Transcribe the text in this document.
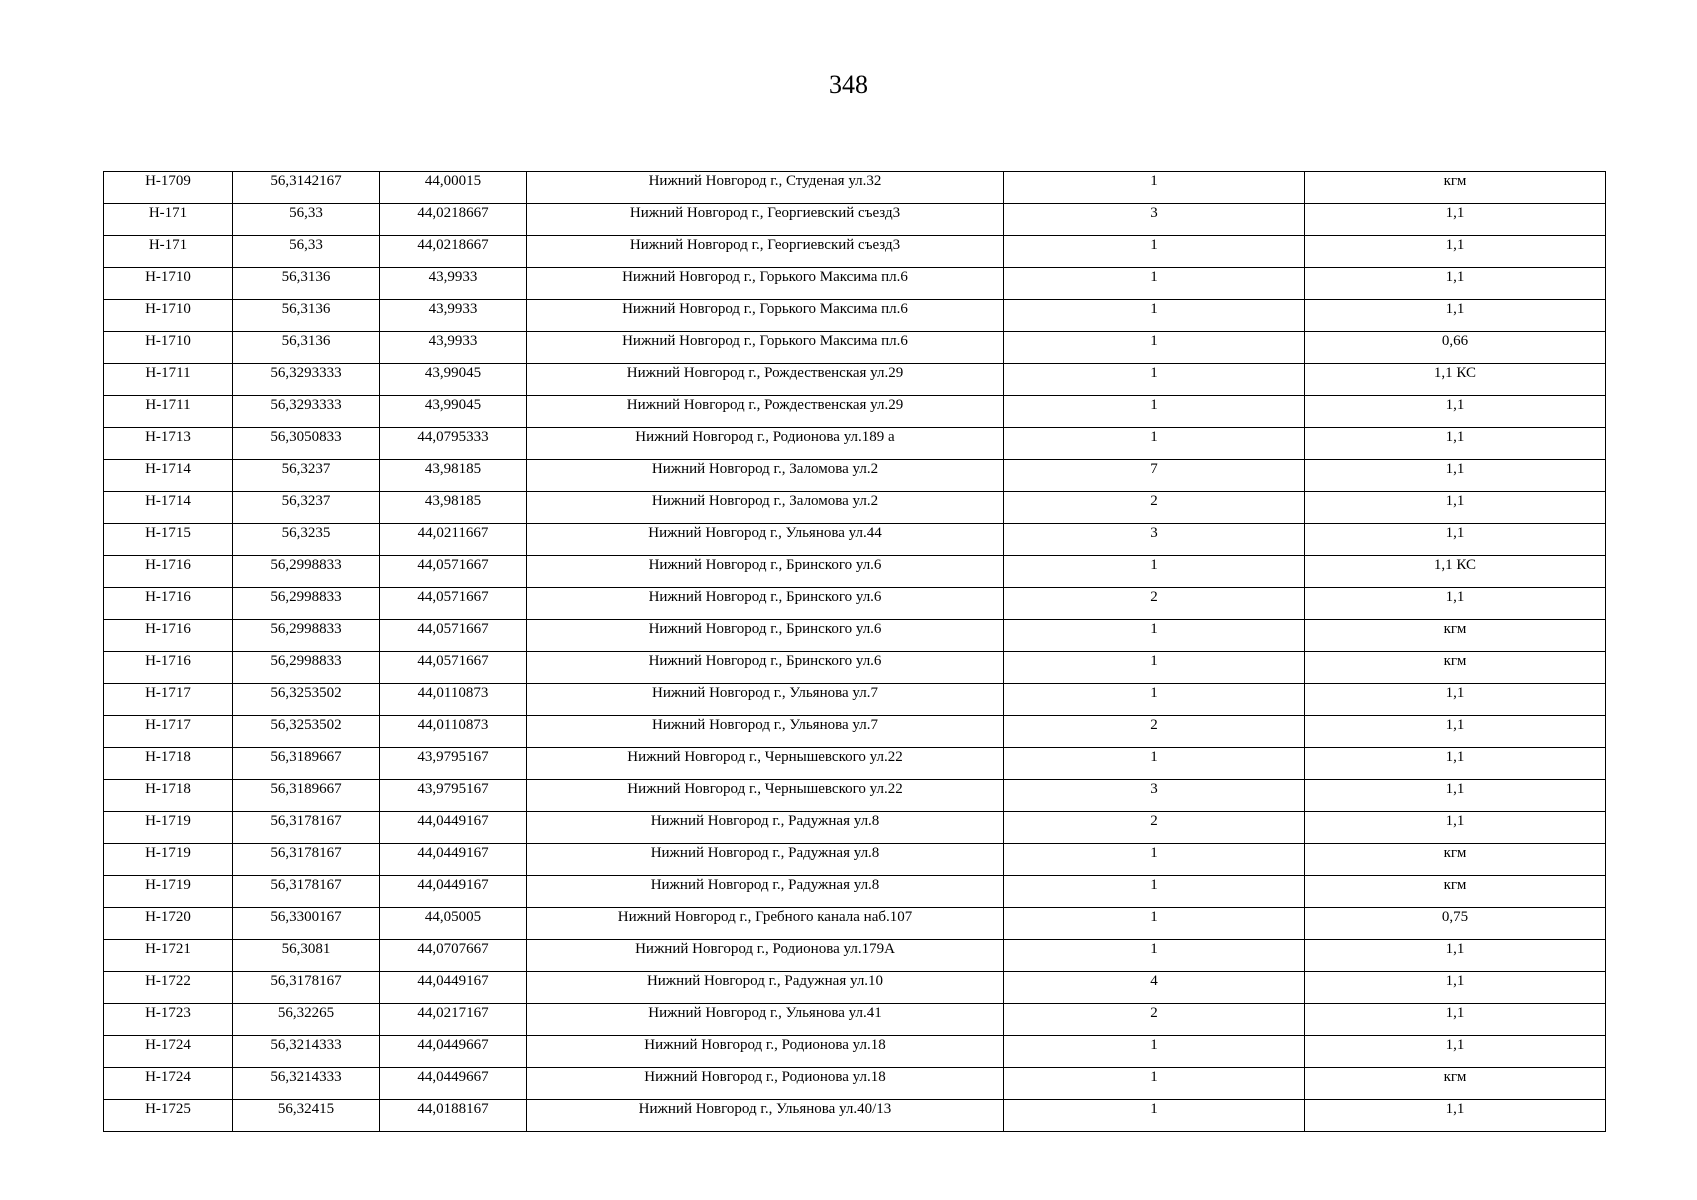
348
Н-1709	56,3142167	44,00015	Нижний Новгород г., Студеная ул.32	1	кгм
Н-171	56,33	44,0218667	Нижний Новгород г., Георгиевский съезд3	3	1,1
Н-171	56,33	44,0218667	Нижний Новгород г., Георгиевский съезд3	1	1,1
Н-1710	56,3136	43,9933	Нижний Новгород г., Горького Максима пл.6	1	1,1
Н-1710	56,3136	43,9933	Нижний Новгород г., Горького Максима пл.6	1	1,1
Н-1710	56,3136	43,9933	Нижний Новгород г., Горького Максима пл.6	1	0,66
Н-1711	56,3293333	43,99045	Нижний Новгород г., Рождественская ул.29	1	1,1 КС
Н-1711	56,3293333	43,99045	Нижний Новгород г., Рождественская ул.29	1	1,1
Н-1713	56,3050833	44,0795333	Нижний Новгород г., Родионова ул.189 а	1	1,1
Н-1714	56,3237	43,98185	Нижний Новгород г., Заломова ул.2	7	1,1
Н-1714	56,3237	43,98185	Нижний Новгород г., Заломова ул.2	2	1,1
Н-1715	56,3235	44,0211667	Нижний Новгород г., Ульянова ул.44	3	1,1
Н-1716	56,2998833	44,0571667	Нижний Новгород г., Бринского ул.6	1	1,1 КС
Н-1716	56,2998833	44,0571667	Нижний Новгород г., Бринского ул.6	2	1,1
Н-1716	56,2998833	44,0571667	Нижний Новгород г., Бринского ул.6	1	кгм
Н-1716	56,2998833	44,0571667	Нижний Новгород г., Бринского ул.6	1	кгм
Н-1717	56,3253502	44,0110873	Нижний Новгород г., Ульянова ул.7	1	1,1
Н-1717	56,3253502	44,0110873	Нижний Новгород г., Ульянова ул.7	2	1,1
Н-1718	56,3189667	43,9795167	Нижний Новгород г., Чернышевского ул.22	1	1,1
Н-1718	56,3189667	43,9795167	Нижний Новгород г., Чернышевского ул.22	3	1,1
Н-1719	56,3178167	44,0449167	Нижний Новгород г., Радужная ул.8	2	1,1
Н-1719	56,3178167	44,0449167	Нижний Новгород г., Радужная ул.8	1	кгм
Н-1719	56,3178167	44,0449167	Нижний Новгород г., Радужная ул.8	1	кгм
Н-1720	56,3300167	44,05005	Нижний Новгород г., Гребного канала наб.107	1	0,75
Н-1721	56,3081	44,0707667	Нижний Новгород г., Родионова ул.179А	1	1,1
Н-1722	56,3178167	44,0449167	Нижний Новгород г., Радужная ул.10	4	1,1
Н-1723	56,32265	44,0217167	Нижний Новгород г., Ульянова ул.41	2	1,1
Н-1724	56,3214333	44,0449667	Нижний Новгород г., Родионова ул.18	1	1,1
Н-1724	56,3214333	44,0449667	Нижний Новгород г., Родионова ул.18	1	кгм
Н-1725	56,32415	44,0188167	Нижний Новгород г., Ульянова ул.40/13	1	1,1
